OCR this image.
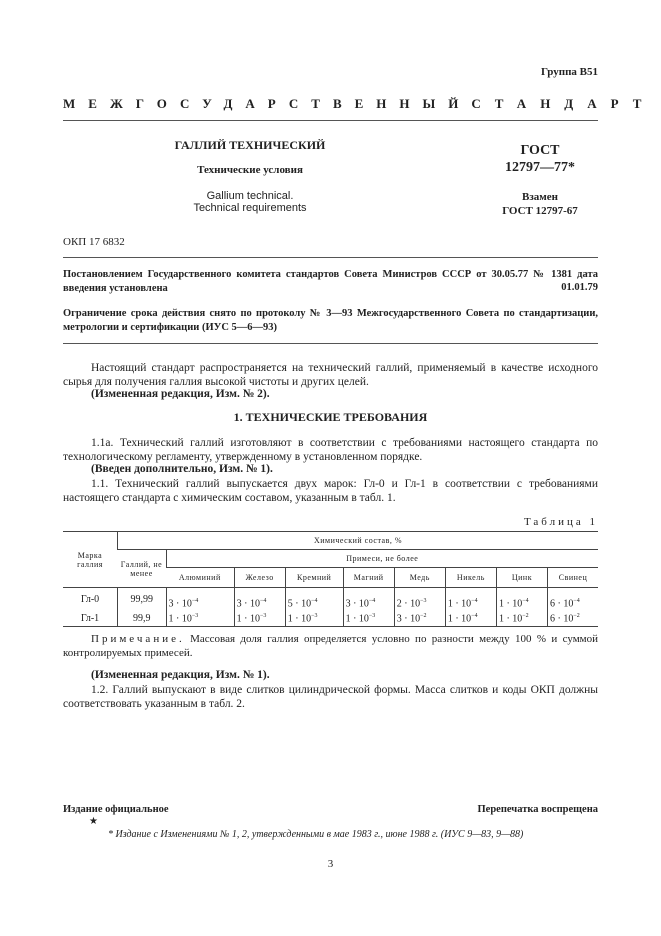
Группа В51
МЕЖГОСУДАРСТВЕННЫЙ СТАНДАРТ
ГАЛЛИЙ ТЕХНИЧЕСКИЙ
Технические условия
Gallium technical.
Technical requirements
ГОСТ
12797—77*
Взамен
ГОСТ 12797-67
ОКП 17 6832
Постановлением Государственного комитета стандартов Совета Министров СССР от 30.05.77 № 1381 дата введения установлена	01.01.79
Ограничение срока действия снято по протоколу № 3—93 Межгосударственного Совета по стандартизации, метрологии и сертификации (ИУС 5—6—93)
Настоящий стандарт распространяется на технический галлий, применяемый в качестве исходного сырья для получения галлия высокой чистоты и других целей.
(Измененная редакция, Изм. № 2).
1. ТЕХНИЧЕСКИЕ ТРЕБОВАНИЯ
1.1а. Технический галлий изготовляют в соответствии с требованиями настоящего стандарта по технологическому регламенту, утвержденному в установленном порядке.
(Введен дополнительно, Изм. № 1).
1.1. Технический галлий выпускается двух марок: Гл-0 и Гл-1 в соответствии с требованиями настоящего стандарта с химическим составом, указанным в табл. 1.
Таблица 1
Марка галлия	Химический состав, %								
	Галлий, не менее	Примеси, не более							
		Алюминий	Железо	Кремний	Магний	Медь	Никель	Цинк	Свинец
Гл-0	99,99	$3 \cdot 10^{-4}$	$3 \cdot 10^{-4}$	$5 \cdot 10^{-4}$	$3 \cdot 10^{-4}$	$2 \cdot 10^{-3}$	$1 \cdot 10^{-4}$	$1 \cdot 10^{-4}$	$6 \cdot 10^{-4}$
Гл-1	99,9	$1 \cdot 10^{-3}$	$1 \cdot 10^{-3}$	$1 \cdot 10^{-3}$	$1 \cdot 10^{-3}$	$3 \cdot 10^{-2}$	$1 \cdot 10^{-4}$	$1 \cdot 10^{-2}$	$6 \cdot 10^{-2}$
Примечание. Массовая доля галлия определяется условно по разности между 100 % и суммой контролируемых примесей.
(Измененная редакция, Изм. № 1).
1.2. Галлий выпускают в виде слитков цилиндрической формы. Масса слитков и коды ОКП должны соответствовать указанным в табл. 2.
Издание официальное	Перепечатка воспрещена
★
* Издание с Изменениями № 1, 2, утвержденными в мае 1983 г., июне 1988 г. (ИУС 9—83, 9—88)
3
